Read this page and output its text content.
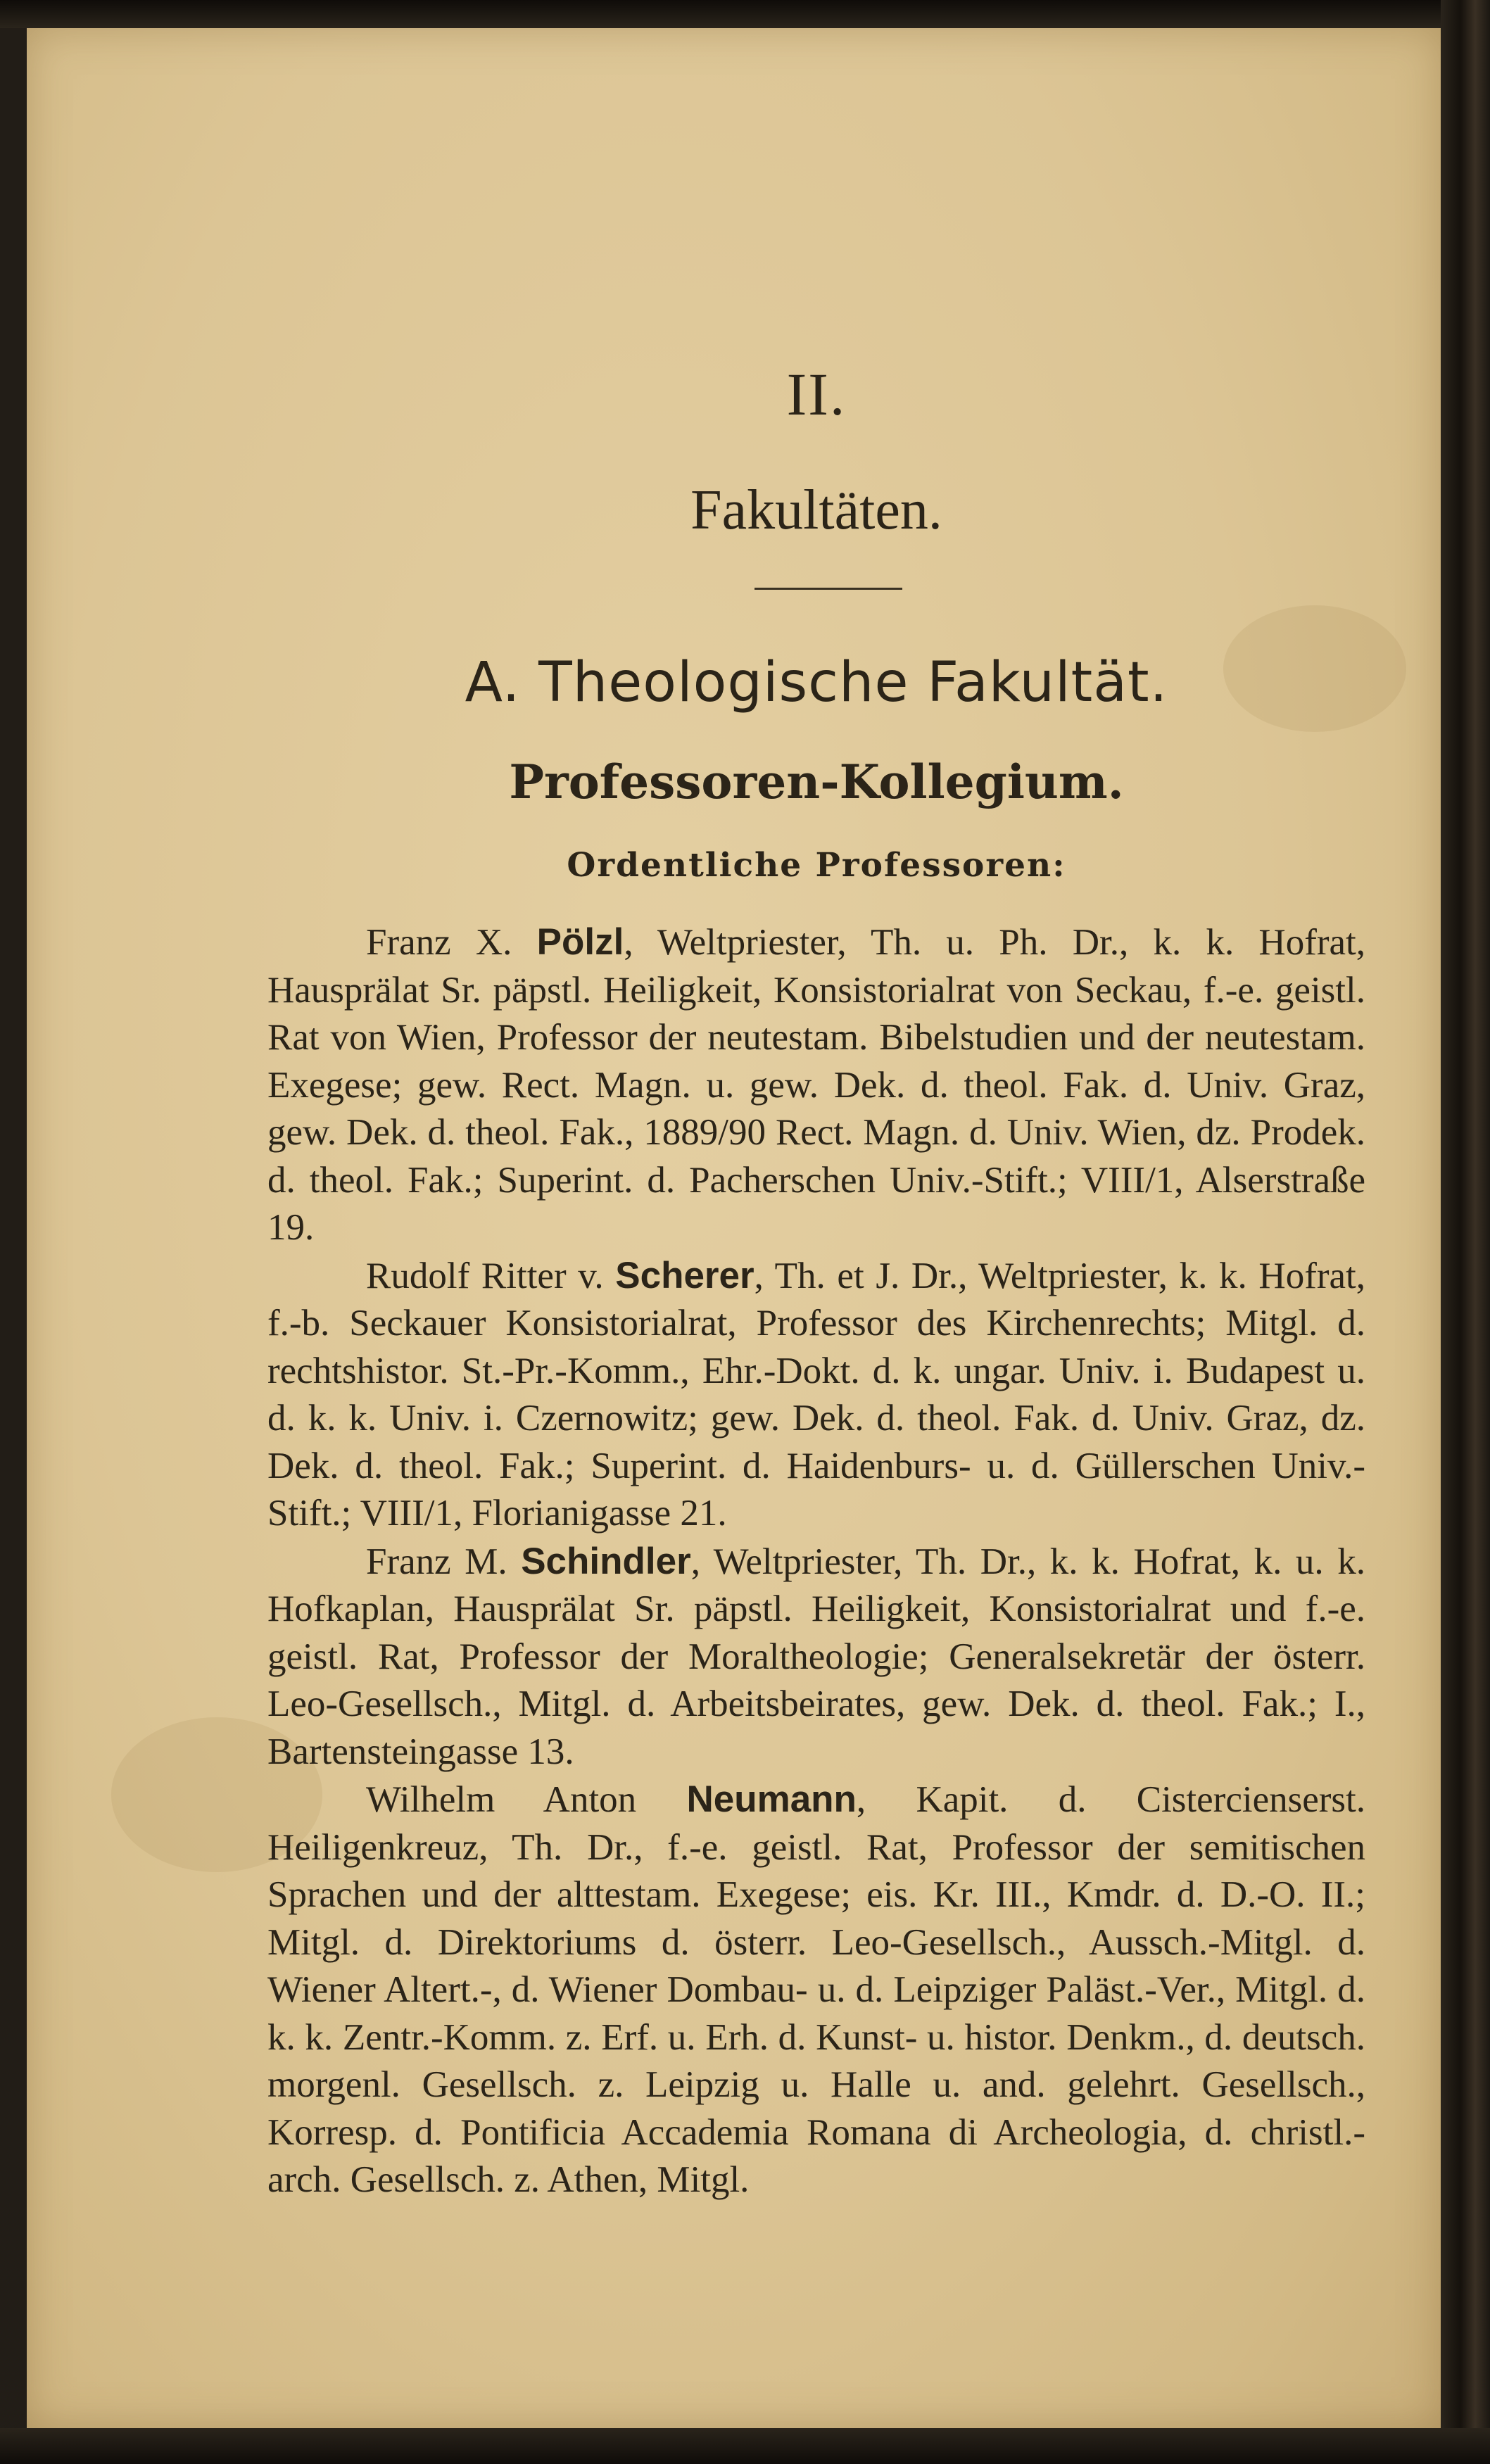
II.

Fakultäten.

A. Theologische Fakultät.
Professoren-Kollegium.
Ordentliche Professoren:

Franz X. Pölzl, Weltpriester, Th. u. Ph. Dr., k. k. Hofrat, Hausprälat Sr. päpstl. Heiligkeit, Konsistorialrat von Seckau, f.-e. geistl. Rat von Wien, Professor der neutestam. Bibelstudien und der neutestam. Exegese; gew. Rect. Magn. u. gew. Dek. d. theol. Fak. d. Univ. Graz, gew. Dek. d. theol. Fak., 1889/90 Rect. Magn. d. Univ. Wien, dz. Prodek. d. theol. Fak.; Superint. d. Pacherschen Univ.-Stift.; VIII/1, Alserstraße 19.

Rudolf Ritter v. Scherer, Th. et J. Dr., Weltpriester, k. k. Hofrat, f.-b. Seckauer Konsistorialrat, Professor des Kirchenrechts; Mitgl. d. rechtshistor. St.-Pr.-Komm., Ehr.-Dokt. d. k. ungar. Univ. i. Budapest u. d. k. k. Univ. i. Czernowitz; gew. Dek. d. theol. Fak. d. Univ. Graz, dz. Dek. d. theol. Fak.; Superint. d. Haidenburs- u. d. Güllerschen Univ.-Stift.; VIII/1, Florianigasse 21.

Franz M. Schindler, Weltpriester, Th. Dr., k. k. Hofrat, k. u. k. Hofkaplan, Hausprälat Sr. päpstl. Heiligkeit, Konsistorialrat und f.-e. geistl. Rat, Professor der Moraltheologie; Generalsekretär der österr. Leo-Gesellsch., Mitgl. d. Arbeitsbeirates, gew. Dek. d. theol. Fak.; I., Bartensteingasse 13.

Wilhelm Anton Neumann, Kapit. d. Cistercienserst. Heiligenkreuz, Th. Dr., f.-e. geistl. Rat, Professor der semitischen Sprachen und der alttestam. Exegese; eis. Kr. III., Kmdr. d. D.-O. II.; Mitgl. d. Direktoriums d. österr. Leo-Gesellsch., Aussch.-Mitgl. d. Wiener Altert.-, d. Wiener Dombau- u. d. Leipziger Paläst.-Ver., Mitgl. d. k. k. Zentr.-Komm. z. Erf. u. Erh. d. Kunst- u. histor. Denkm., d. deutsch. morgenl. Gesellsch. z. Leipzig u. Halle u. and. gelehrt. Gesellsch., Korresp. d. Pontificia Accademia Romana di Archeologia, d. christl.-arch. Gesellsch. z. Athen, Mitgl.
